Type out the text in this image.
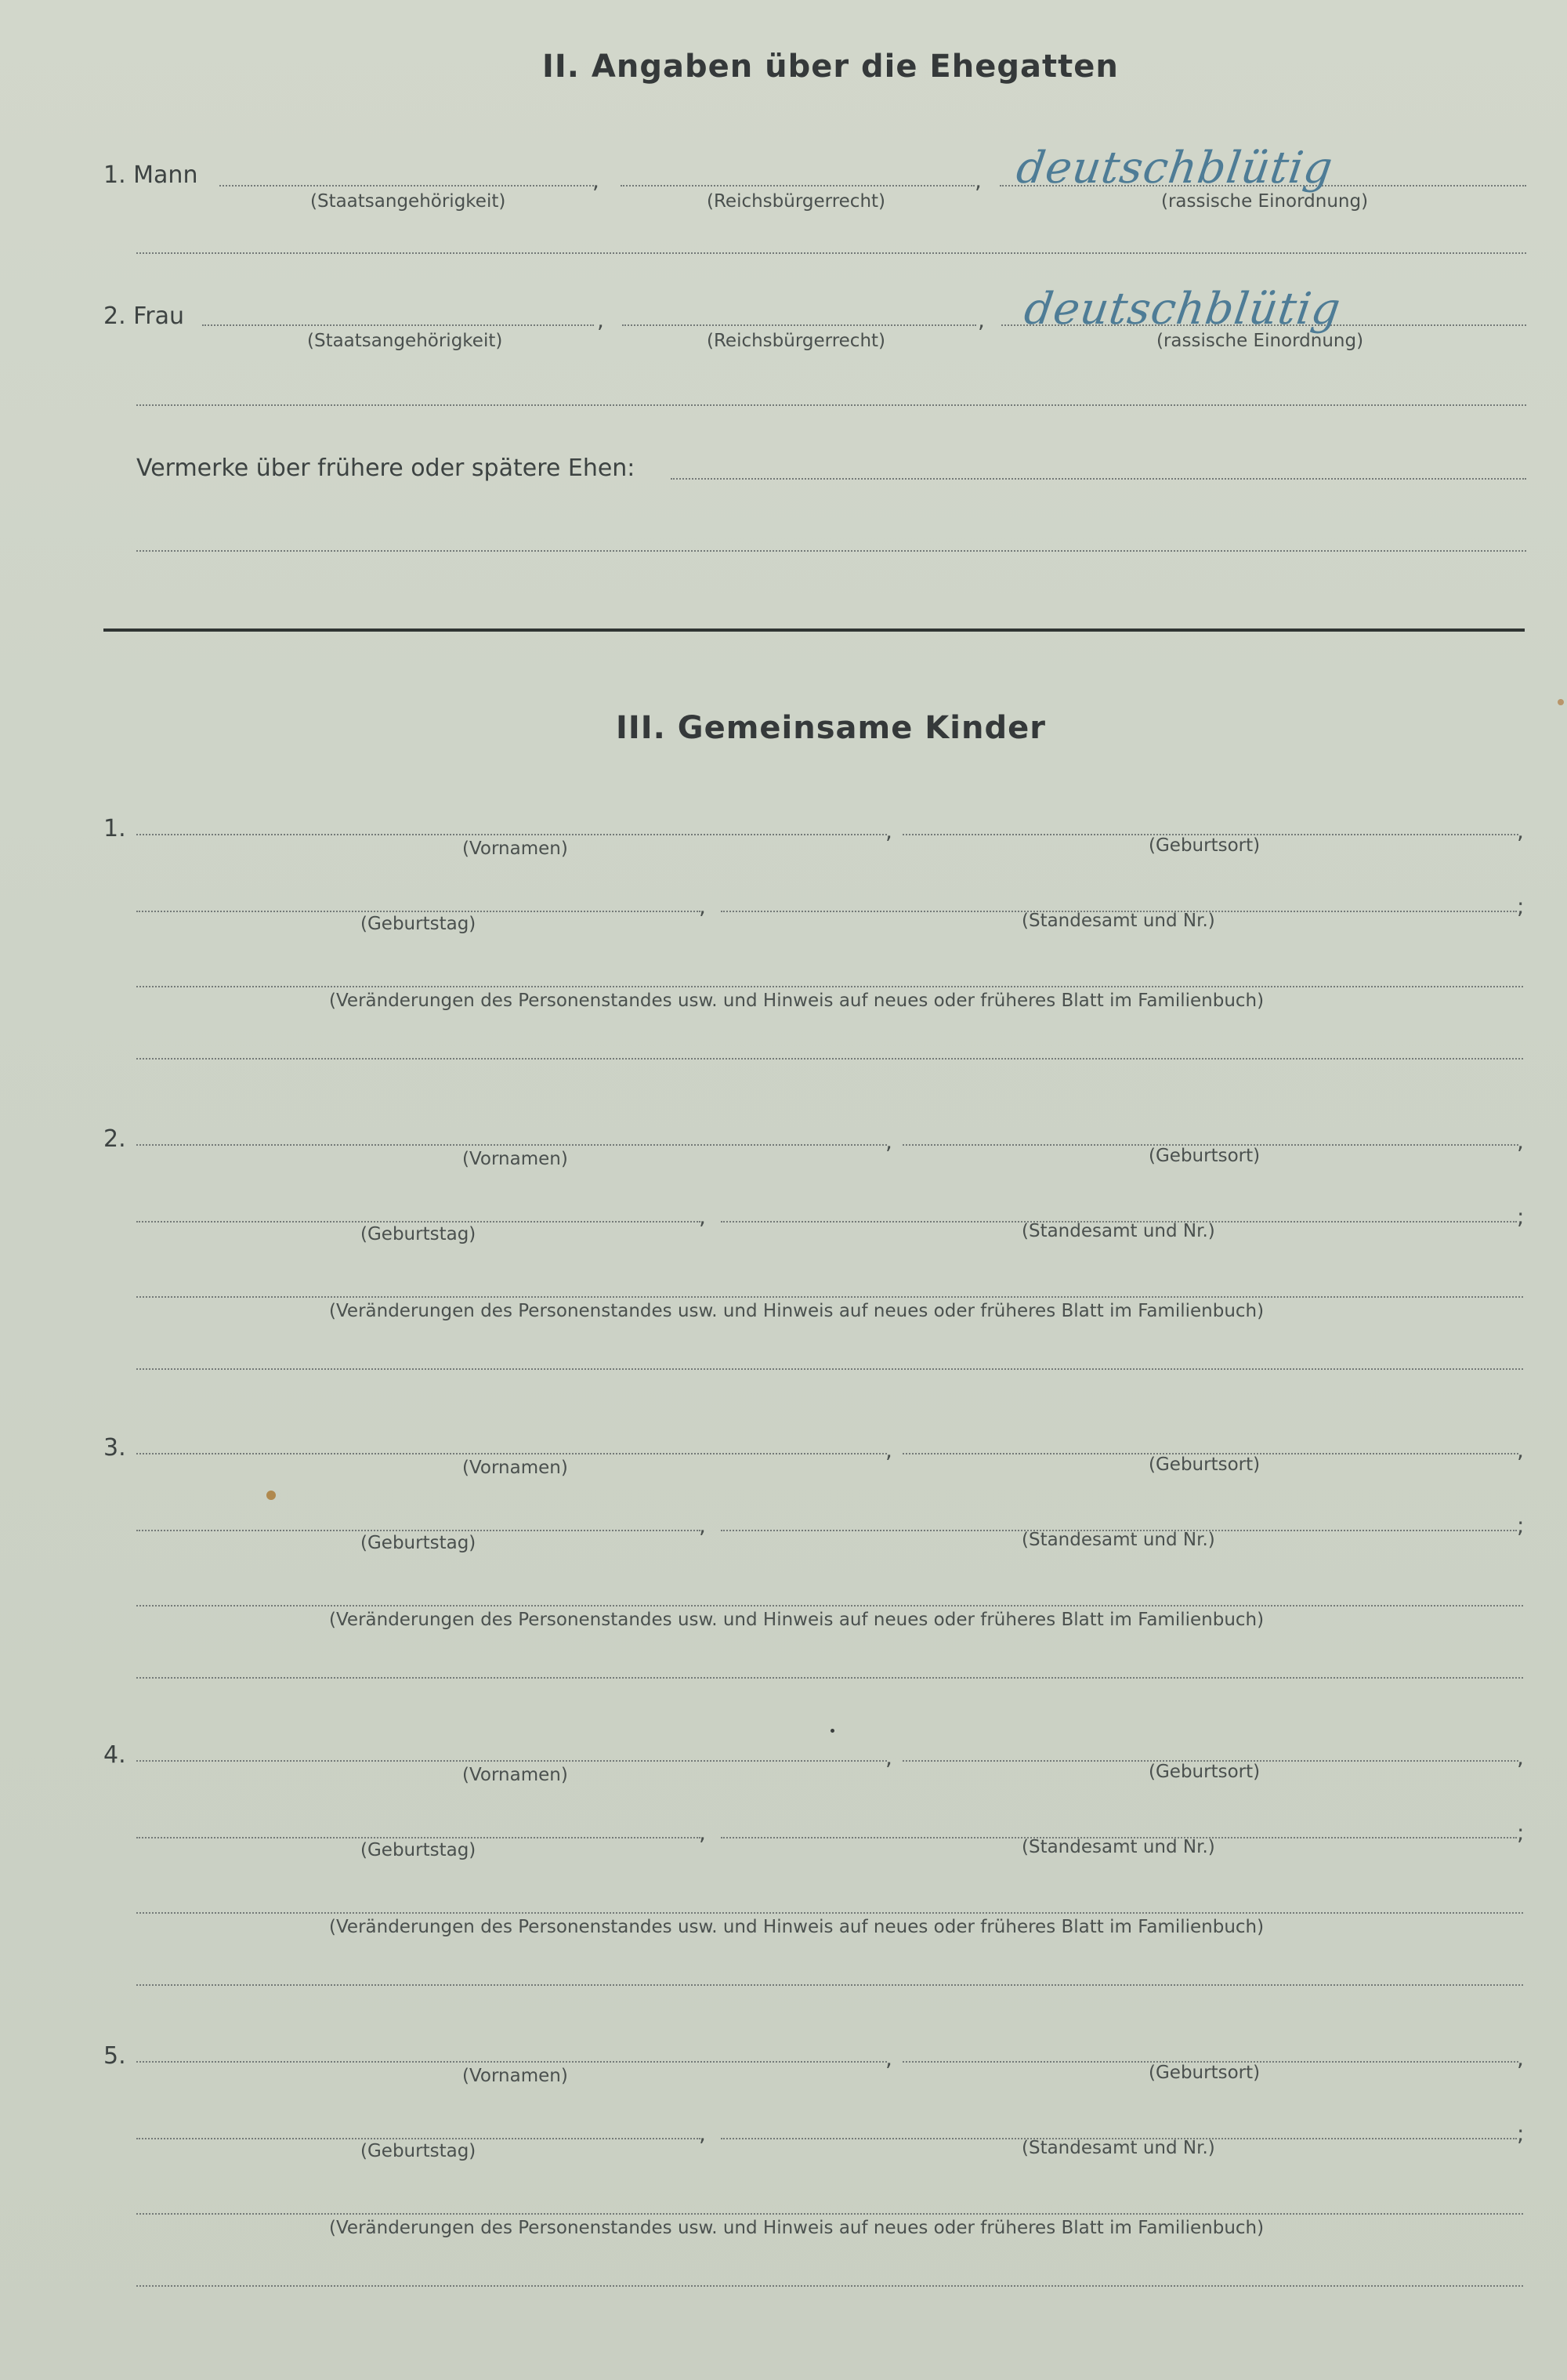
II. Angaben über die Ehegatten
1. Mann	,	, deutschblütig
(Staatsangehörigkeit)	(Reichsbürgerrecht)	(rassische Einordnung)
2. Frau	,	, deutschblütig
(Staatsangehörigkeit)	(Reichsbürgerrecht)	(rassische Einordnung)
Vermerke über frühere oder spätere Ehen:
III. Gemeinsame Kinder
1.	,	,
(Vornamen)	(Geburtsort)
,	;
(Geburtstag)	(Standesamt und Nr.)
(Veränderungen des Personenstandes usw. und Hinweis auf neues oder früheres Blatt im Familienbuch)
2.	,	,
(Vornamen)	(Geburtsort)
,	;
(Geburtstag)	(Standesamt und Nr.)
(Veränderungen des Personenstandes usw. und Hinweis auf neues oder früheres Blatt im Familienbuch)
3.	,	,
(Vornamen)	(Geburtsort)
,	;
(Geburtstag)	(Standesamt und Nr.)
(Veränderungen des Personenstandes usw. und Hinweis auf neues oder früheres Blatt im Familienbuch)
4.	,	,
(Vornamen)	(Geburtsort)
,	;
(Geburtstag)	(Standesamt und Nr.)
(Veränderungen des Personenstandes usw. und Hinweis auf neues oder früheres Blatt im Familienbuch)
5.	,	,
(Vornamen)	(Geburtsort)
,	;
(Geburtstag)	(Standesamt und Nr.)
(Veränderungen des Personenstandes usw. und Hinweis auf neues oder früheres Blatt im Familienbuch)
